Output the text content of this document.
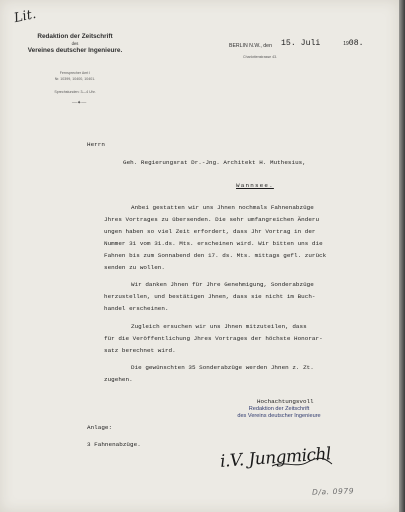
Lit.
Redaktion der Zeitschrift
des
Vereines deutscher Ingenieure.
Fernsprecher Amt I
Nr. 10399, 10400, 10401.
Sprechstunden: 3—4 Uhr.
—✦—
BERLIN N.W., den 15. Juli	1908.
Charlottenstrasse 43.
Herrn
Geh. Regierungsrat Dr.-Jng. Architekt H. Muthesius,
Wannsee.
Anbei gestatten wir uns Jhnen nochmals Fahnenabzüge
Jhres Vortrages zu übersenden. Die sehr umfangreichen Änderu
ungen haben so viel Zeit erfordert, dass Jhr Vortrag in der
Nummer 31 vom 31.ds. Mts. erscheinen wird. Wir bitten uns die
Fahnen bis zum Sonnabend den 17. ds. Mts. mittags gefl. zurück
senden zu wollen.
Wir danken Jhnen für Jhre Genehmigung, Sonderabzüge
herzustellen, und bestätigen Jhnen, dass sie nicht im Buch-
handel erscheinen.
Zugleich ersuchen wir uns Jhnen mitzuteilen, dass
für die Veröffentlichung Jhres Vortrages der höchste Honorar-
satz berechnet wird.
Die gewünschten 35 Sonderabzüge werden Jhnen z. Zt.
zugehen.
Hochachtungsvoll
Redaktion der Zeitschrift
des Vereins deutscher Ingenieure
Anlage:
3 Fahnenabzüge.	i.V. Jungmichl
D/a. 0979
